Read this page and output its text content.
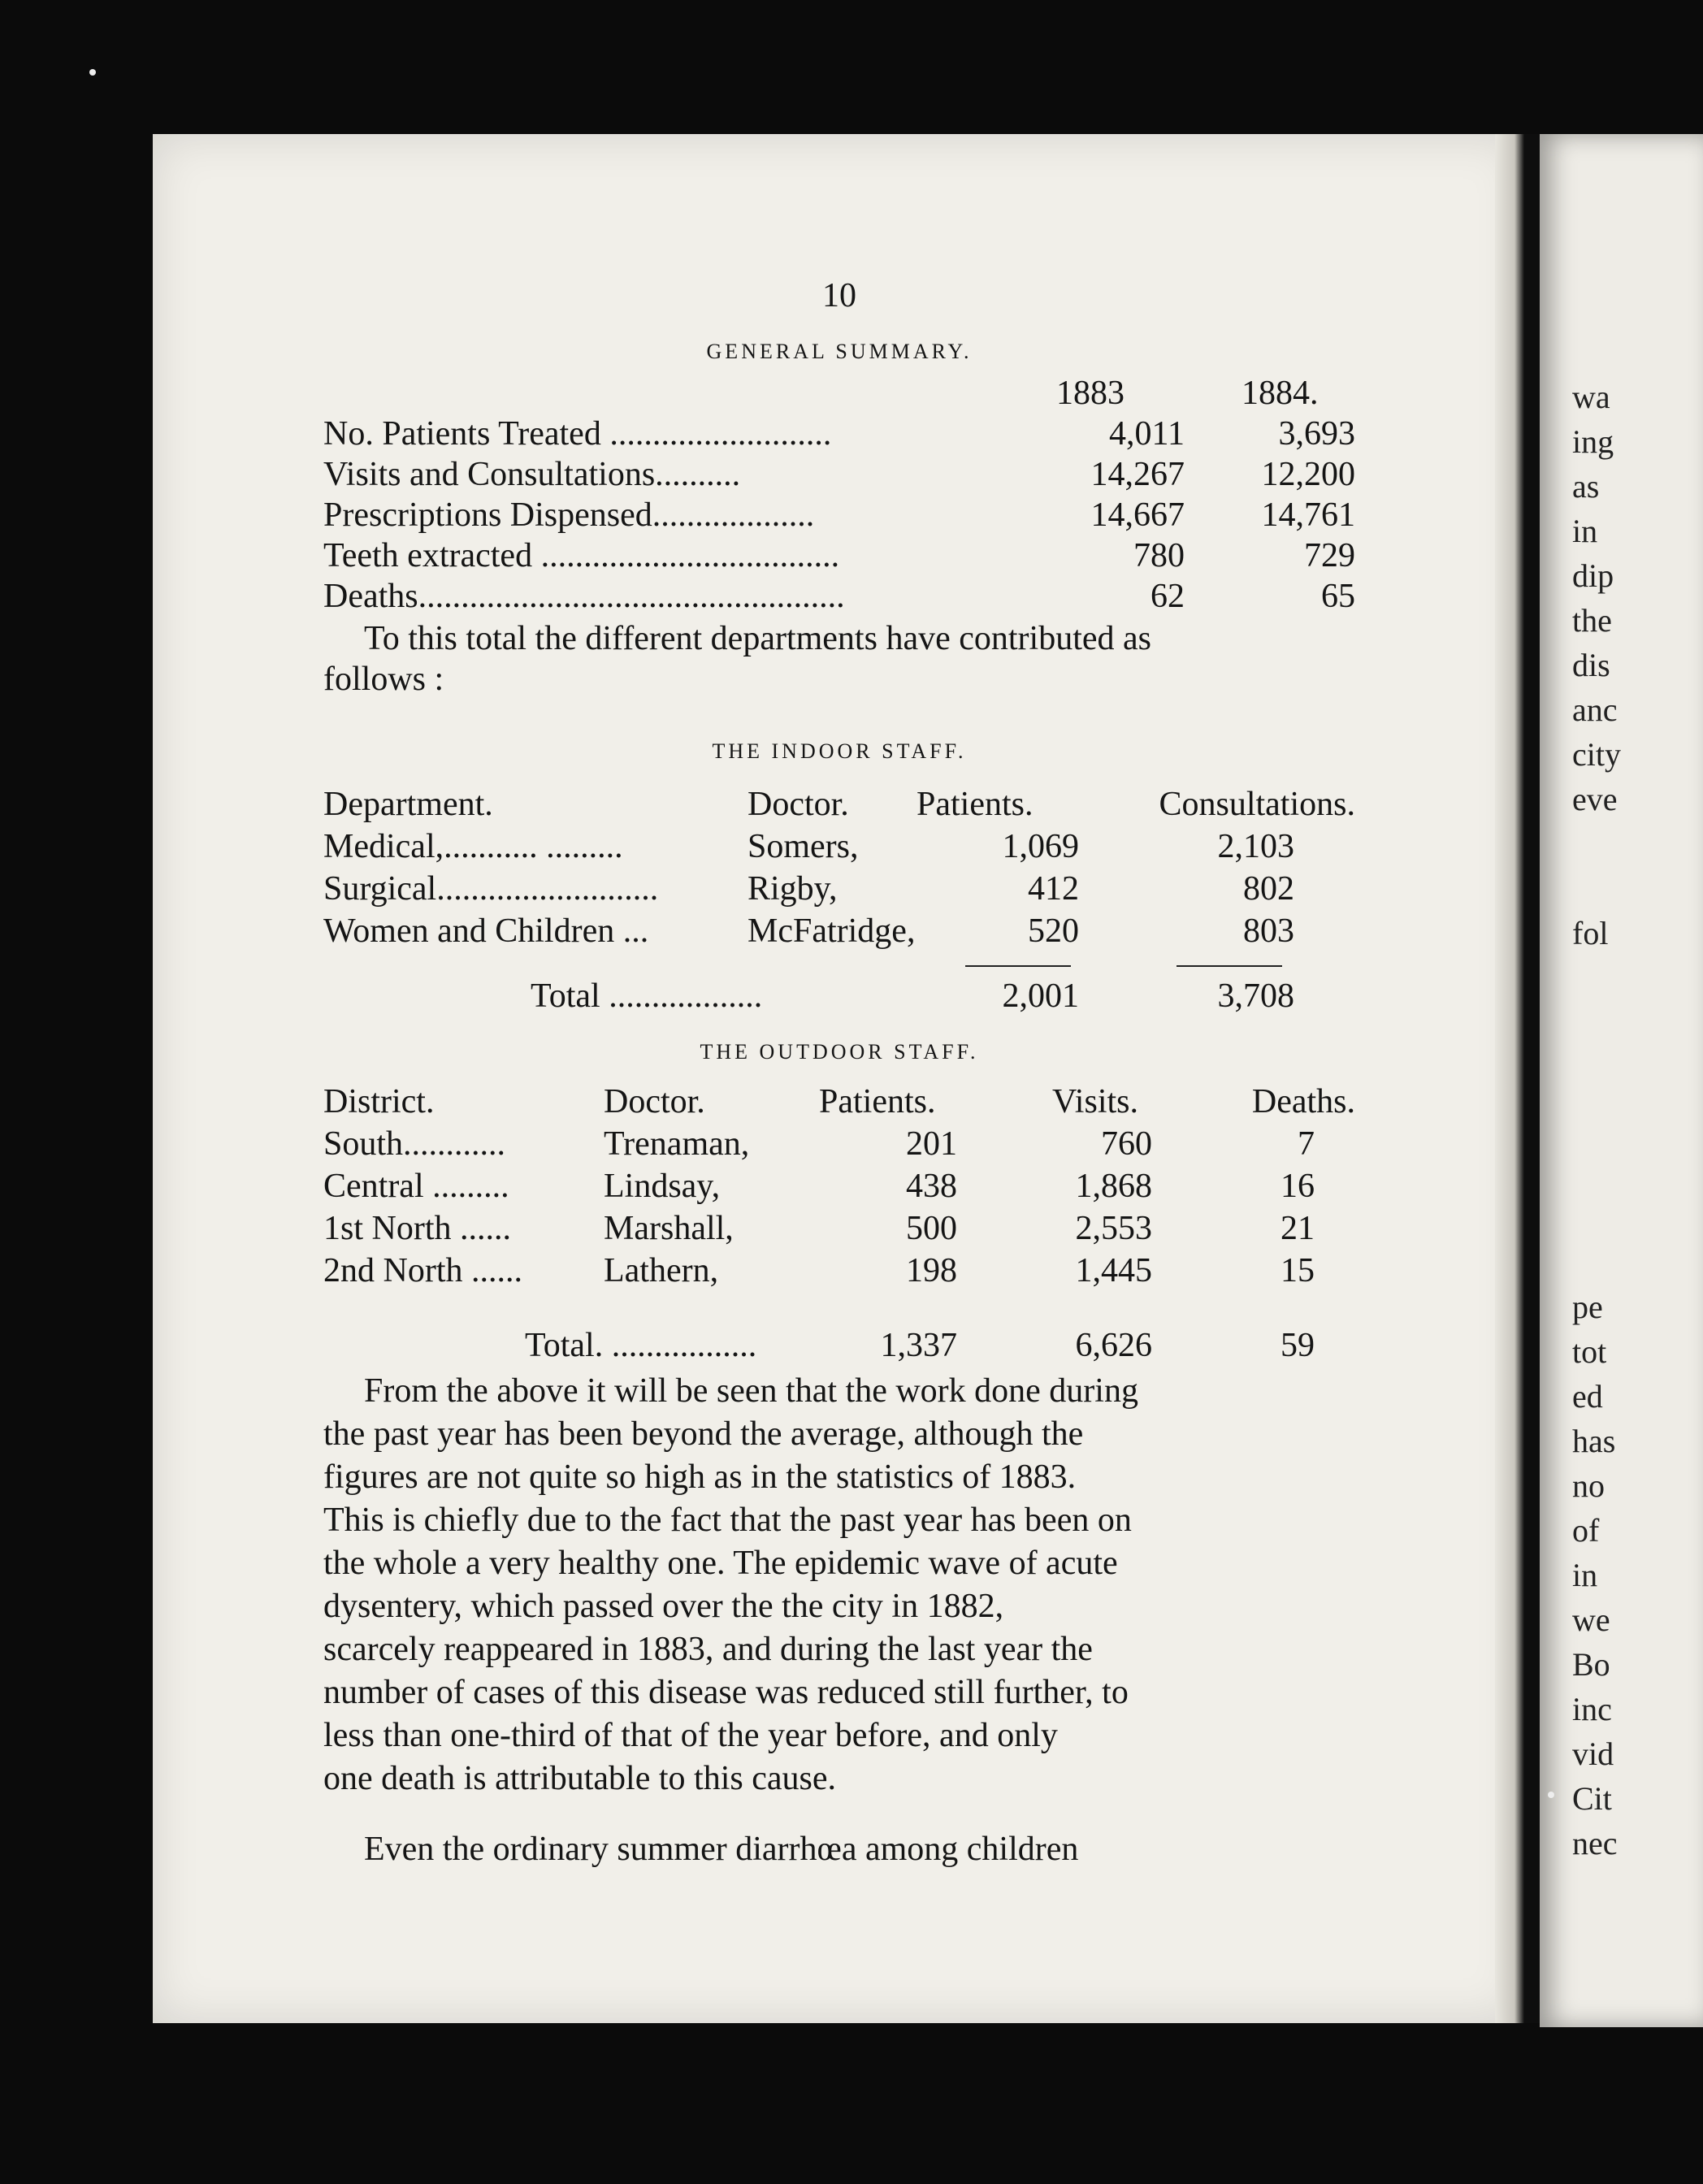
wa
ing
as
in
dip
the
dis
anc
city
eve
fol
pe
tot
ed
has
no
of
in
we
Bo
inc
vid
Cit
nec
10
GENERAL SUMMARY.
1883	1884.
No. Patients Treated ..........................	4,011	3,693
Visits and Consultations..........	14,267 12,200
Prescriptions Dispensed...................	14,667 14,761
Teeth extracted ...................................	780	729
Deaths..................................................	62	65
To this total the different departments have contributed as
follows :
THE INDOOR STAFF.
Department.	Doctor. Patients.	Consultations.
Medical,........... .........	Somers,	1,069	2,103
Surgical..........................	Rigby,	412	802
Women and Children ...	McFatridge,	520	803
Total ..................	2,001	3,708
THE OUTDOOR STAFF.
District.	Doctor.	Patients.	Visits.	Deaths.
South............	Trenaman,	201	760	7
Central .........	Lindsay,	438	1,868	16
1st North ......	Marshall,	500	2,553	21
2nd North ...... Lathern,	198	1,445	15
Total. .................	1,337	6,626	59
From the above it will be seen that the work done during
the past year has been beyond the average, although the
figures are not quite so high as in the statistics of 1883.
This is chiefly due to the fact that the past year has been on
the whole a very healthy one. The epidemic wave of acute
dysentery, which passed over the the city in 1882,
scarcely reappeared in 1883, and during the last year the
number of cases of this disease was reduced still further, to
less than one-third of that of the year before, and only
one death is attributable to this cause.
Even the ordinary summer diarrhœa among children
